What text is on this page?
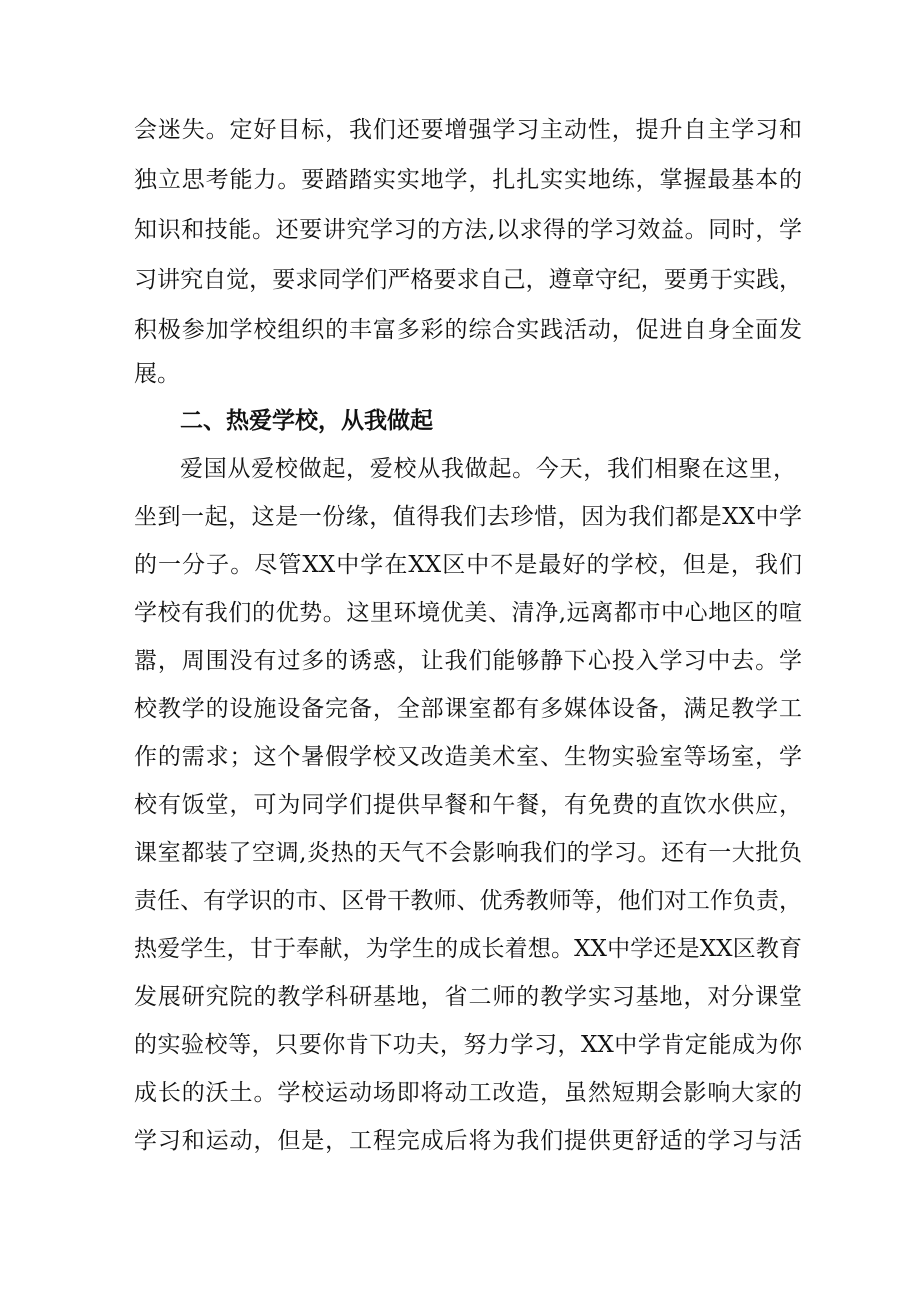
会迷失。定好目标，我们还要增强学习主动性，提升自主学习和
独立思考能力。要踏踏实实地学，扎扎实实地练，掌握最基本的
知识和技能。还要讲究学习的方法,以求得的学习效益。同时，学
习讲究自觉，要求同学们严格要求自己，遵章守纪，要勇于实践，
积极参加学校组织的丰富多彩的综合实践活动，促进自身全面发
展。
二、热爱学校，从我做起
爱国从爱校做起，爱校从我做起。今天，我们相聚在这里，
坐到一起，这是一份缘，值得我们去珍惜，因为我们都是XX中学
的一分子。尽管XX中学在XX区中不是最好的学校，但是，我们
学校有我们的优势。这里环境优美、清净,远离都市中心地区的喧
嚣，周围没有过多的诱惑，让我们能够静下心投入学习中去。学
校教学的设施设备完备，全部课室都有多媒体设备，满足教学工
作的需求；这个暑假学校又改造美术室、生物实验室等场室，学
校有饭堂，可为同学们提供早餐和午餐，有免费的直饮水供应，
课室都装了空调,炎热的天气不会影响我们的学习。还有一大批负
责任、有学识的市、区骨干教师、优秀教师等，他们对工作负责，
热爱学生，甘于奉献，为学生的成长着想。XX中学还是XX区教育
发展研究院的教学科研基地，省二师的教学实习基地，对分课堂
的实验校等，只要你肯下功夫，努力学习，XX中学肯定能成为你
成长的沃土。学校运动场即将动工改造，虽然短期会影响大家的
学习和运动，但是，工程完成后将为我们提供更舒适的学习与活
